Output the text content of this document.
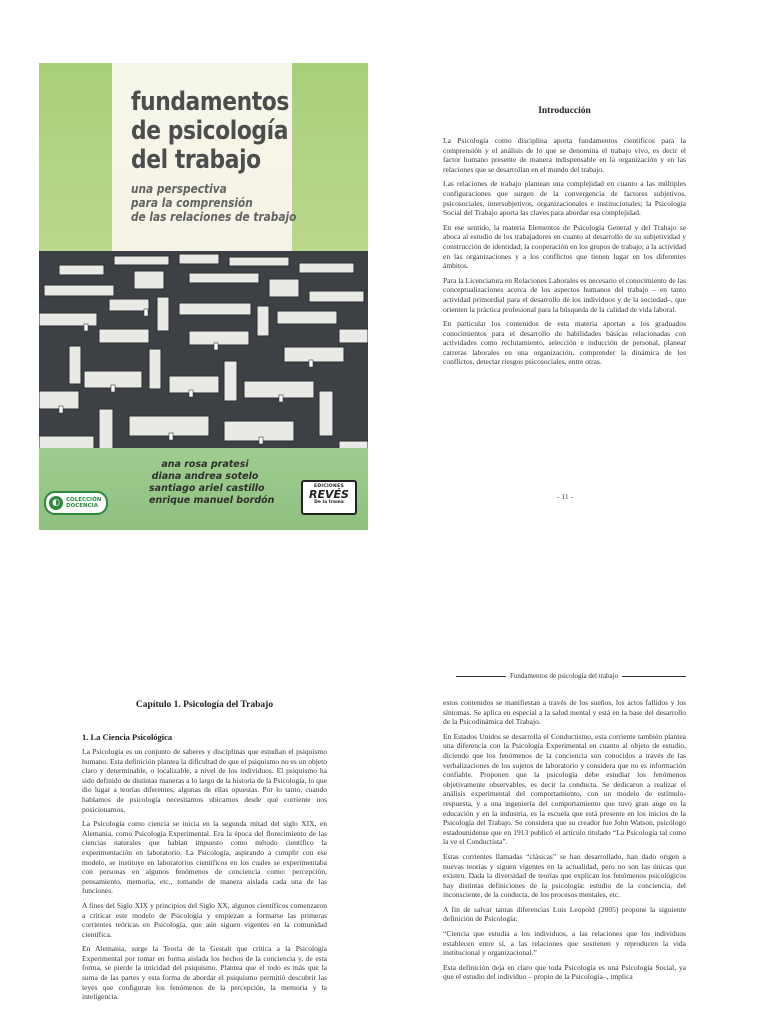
fundamentos
de psicología
del trabajo
una perspectiva
para la comprensión
de las relaciones de trabajo
ana rosa pratesi
diana andrea sotelo
santiago ariel castillo
enrique manuel bordón
◐	COLECCIÓN
DOCENCIA
EDICIONES
REVÉS
De la trama
Introducción

La Psicología como disciplina aporta fundamentos científicos para la comprensión y el análisis de lo que se denomina el trabajo vivo, es decir el factor humano presente de manera indispensable en la organización y en las relaciones que se desarrollan en el mundo del trabajo.

Las relaciones de trabajo plantean una complejidad en cuanto a las múltiples configuraciones que surgen de la convergencia de factores subjetivos, psicosociales, intersubjetivos, organizacionales e institucionales; la Psicología Social del Trabajo aporta las claves para abordar esa complejidad.

En ese sentido, la materia Elementos de Psicología General y del Trabajo se aboca al estudio de los trabajadores en cuanto al desarrollo de su subjetividad y construcción de identidad; la cooperación en los grupos de trabajo; a la actividad en las organizaciones y a los conflictos que tienen lugar en los diferentes ámbitos.

Para la Licenciatura en Relaciones Laborales es necesario el conocimiento de las conceptualizaciones acerca de los aspectos humanos del trabajo – en tanto actividad primordial para el desarrollo de los individuos y de la sociedad–, que orienten la práctica profesional para la búsqueda de la calidad de vida laboral.

En particular los contenidos de esta materia aportan a los graduados conocimientos para el desarrollo de habilidades básicas relacionadas con actividades como reclutamiento, selección e inducción de personal, planear carreras laborales en una organización, comprender la dinámica de los conflictos, detectar riesgos psicosociales, entre otras.

- 11 -
Fundamentos de psicología del trabajo
Capítulo 1. Psicología del Trabajo
1. La Ciencia Psicológica

La Psicología es un conjunto de saberes y disciplinas que estudian el psiquismo humano. Esta definición plantea la dificultad de que el psiquismo no es un objeto claro y determinable, o localizable, a nivel de los individuos. El psiquismo ha sido definido de distintas maneras a lo largo de la historia de la Psicología, lo que dio lugar a teorías diferentes, algunas de ellas opuestas. Por lo tanto, cuando hablamos de psicología necesitamos ubicarnos desde qué corriente nos posicionamos.

La Psicología como ciencia se inicia en la segunda mitad del siglo XIX, en Alemania, como Psicología Experimental. Era la época del florecimiento de las ciencias naturales que habían impuesto como método científico la experimentación en laboratorio. La Psicología, aspirando a cumplir con ese modelo, se instituye en laboratorios científicos en los cuales se experimentaba con personas en algunos fenómenos de conciencia como: percepción, pensamiento, memoria, etc., tomando de manera aislada cada una de las funciones.

A fines del Siglo XIX y principios del Siglo XX, algunos científicos comenzaron a criticar este modelo de Psicología y empiezan a formarse las primeras corrientes teóricas en Psicología, que aún siguen vigentes en la comunidad científica.

En Alemania, surge la Teoría de la Gestalt que critica a la Psicología Experimental por tomar en forma aislada los hechos de la conciencia y, de esta forma, se pierde la unicidad del psiquismo. Plantea que el todo es más que la suma de las partes y esta forma de abordar el psiquismo permitió descubrir las leyes que configuran los fenómenos de la percepción, la memoria y la inteligencia.

estos contenidos se manifiestan a través de los sueños, los actos fallidos y los síntomas. Se aplica en especial a la salud mental y está en la base del desarrollo de la Psicodinámica del Trabajo.

En Estados Unidos se desarrolla el Conductismo, esta corriente también plantea una diferencia con la Psicología Experimental en cuanto al objeto de estudio, diciendo que los fenómenos de la conciencia son conocidos a través de las verbalizaciones de los sujetos de laboratorio y considera que no es información confiable. Proponen que la psicología debe estudiar los fenómenos objetivamente observables, es decir la conducta. Se dedicaron a realizar el análisis experimental del comportamiento, con un modelo de estímulo- respuesta, y a una ingeniería del comportamiento que tuvo gran auge en la educación y en la industria, es la escuela que está presente en los inicios de la Psicología del Trabajo. Se considera que su creador fue John Watson, psicólogo estadounidense que en 1913 publicó el artículo titulado “La Psicología tal como la ve el Conductista”.

Estas corrientes llamadas “clásicas” se han desarrollado, han dado origen a nuevas teorías y siguen vigentes en la actualidad, pero no son las únicas que existen. Dada la diversidad de teorías que explican los fenómenos psicológicos hay distintas definiciones de la psicología: estudio de la conciencia, del inconsciente, de la conducta, de los procesos mentales, etc.

A fin de salvar tantas diferencias Luis Leopold (2005) propone la siguiente definición de Psicología:

“Ciencia que estudia a los individuos, a las relaciones que los individuos establecen entre sí, a las relaciones que sostienen y reproducen la vida institucional y organizacional.”

Esta definición deja en claro que toda Psicología es una Psicología Social, ya que el estudio del individuo – propio de la Psicología–, implica
